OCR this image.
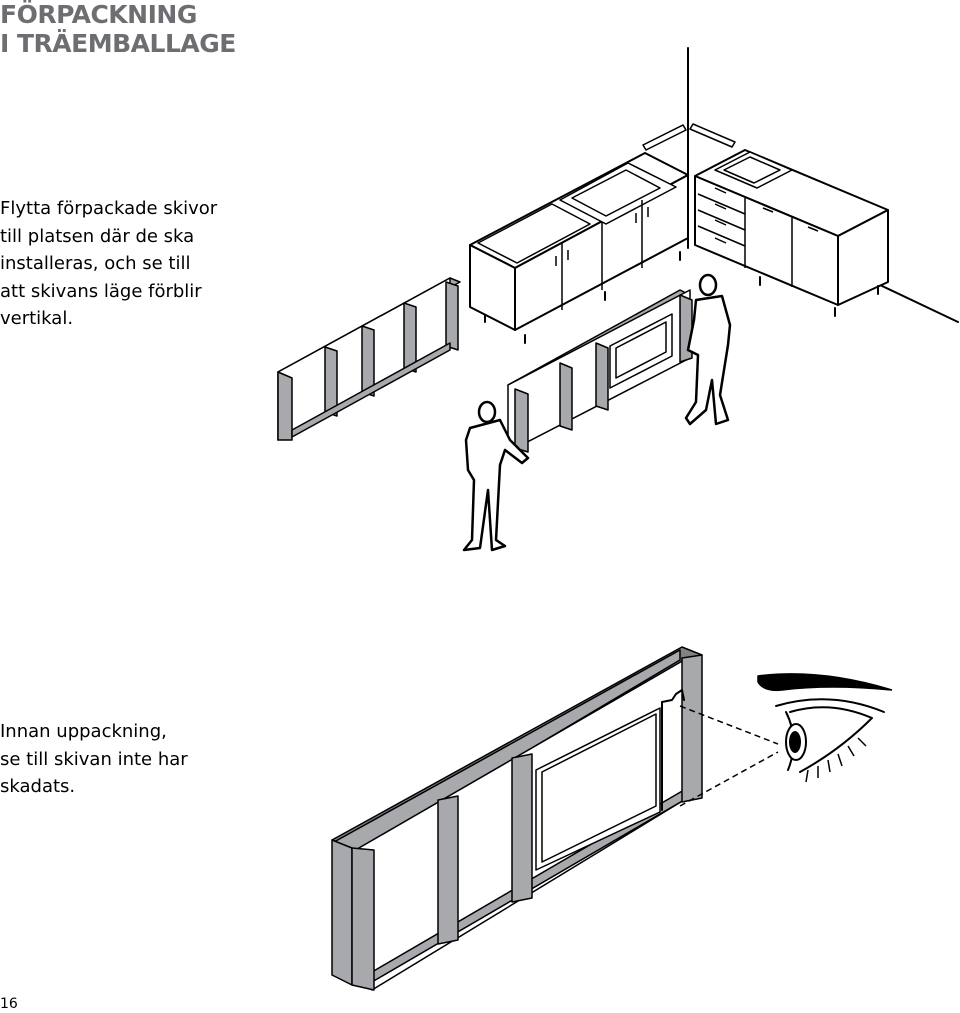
FÖRPACKNING
I TRÄEMBALLAGE

Flytta förpackade skivor
till platsen där de ska
installeras, och se till
att skivans läge förblir
vertikal.

Innan uppackning,
se till skivan inte har
skadats.

16
